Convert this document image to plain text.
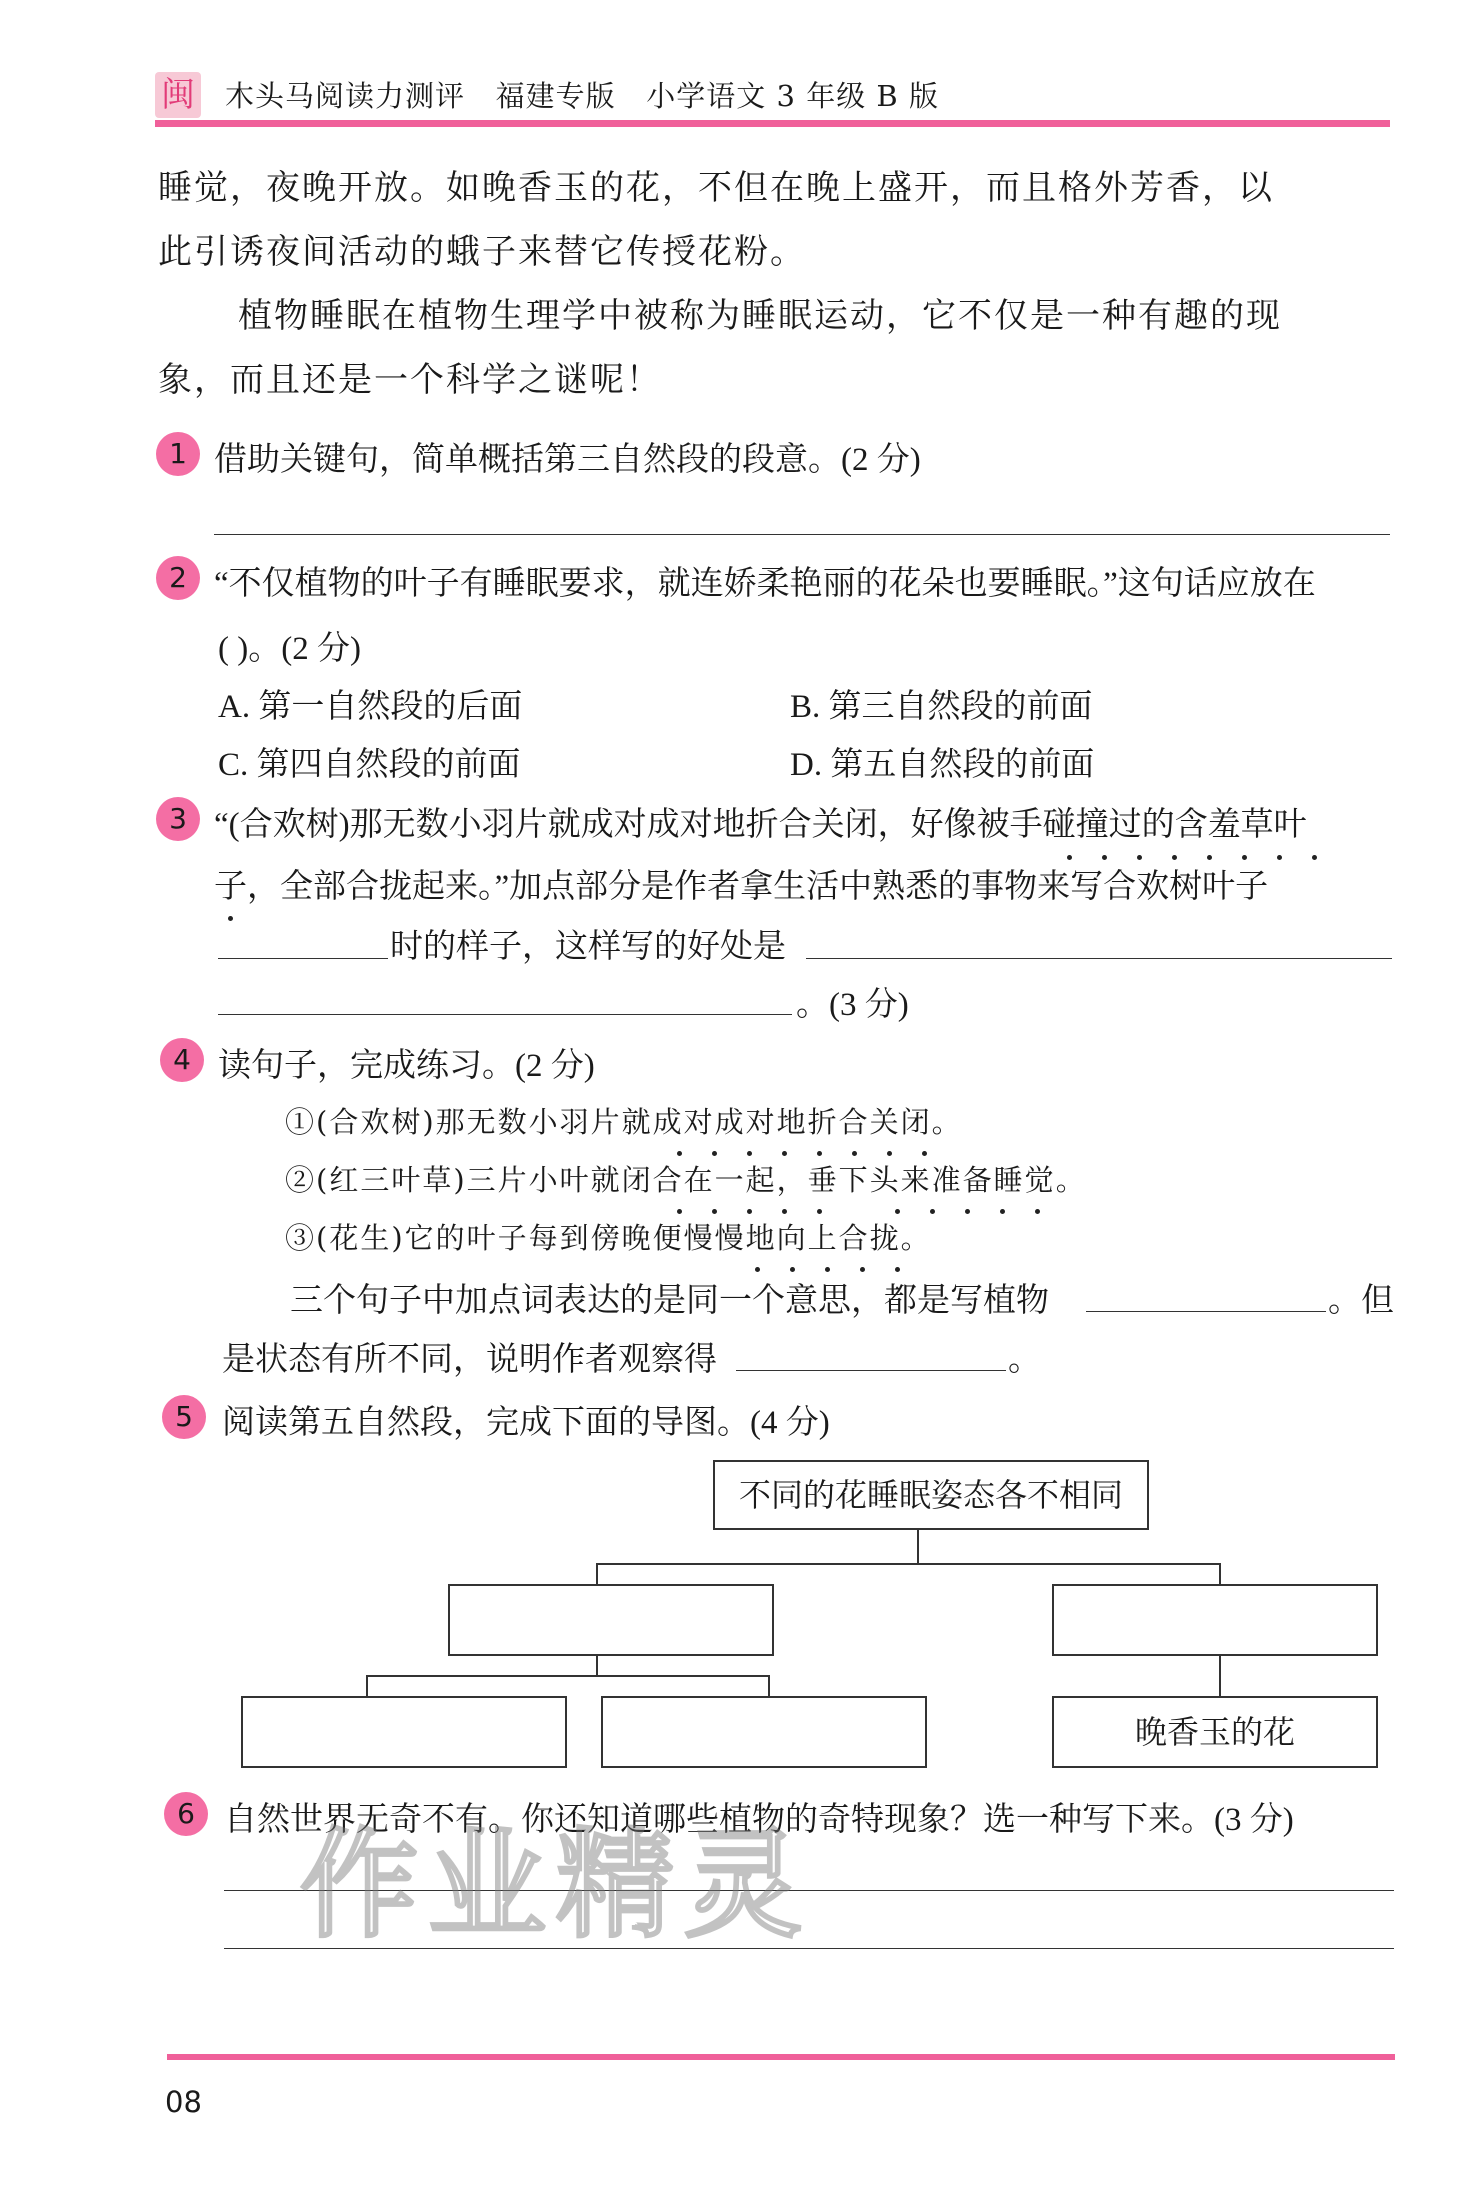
闽 木头马阅读力测评   福建专版   小学语文 3 年级 B 版
睡觉，夜晚开放。如晚香玉的花，不但在晚上盛开，而且格外芳香，以
此引诱夜间活动的蛾子来替它传授花粉。
植物睡眠在植物生理学中被称为睡眠运动，它不仅是一种有趣的现
象，而且还是一个科学之谜呢！
1 借助关键句，简单概括第三自然段的段意。(2 分)
2 “不仅植物的叶子有睡眠要求，就连娇柔艳丽的花朵也要睡眠。”这句话应放在
( )。(2 分)
A. 第一自然段的后面	B. 第三自然段的前面
C. 第四自然段的前面	D. 第五自然段的前面
3 “(合欢树)那无数小羽片就成对成对地折合关闭，好像被手碰撞过的含羞草叶
子，全部合拢起来。”加点部分是作者拿生活中熟悉的事物来写合欢树叶子
时的样子，这样写的好处是
。(3 分)
4 读句子，完成练习。(2 分)
①(合欢树)那无数小羽片就成对成对地折合关闭。
②(红三叶草)三片小叶就闭合在一起，垂下头来准备睡觉。
③(花生)它的叶子每到傍晚便慢慢地向上合拢。
三个句子中加点词表达的是同一个意思，都是写植物	。但
是状态有所不同，说明作者观察得	。
5 阅读第五自然段，完成下面的导图。(4 分)
不同的花睡眠姿态各不相同
晚香玉的花
6 自然世界无奇不有。你还知道哪些植物的奇特现象？选一种写下来。(3 分)
作业精灵
08
